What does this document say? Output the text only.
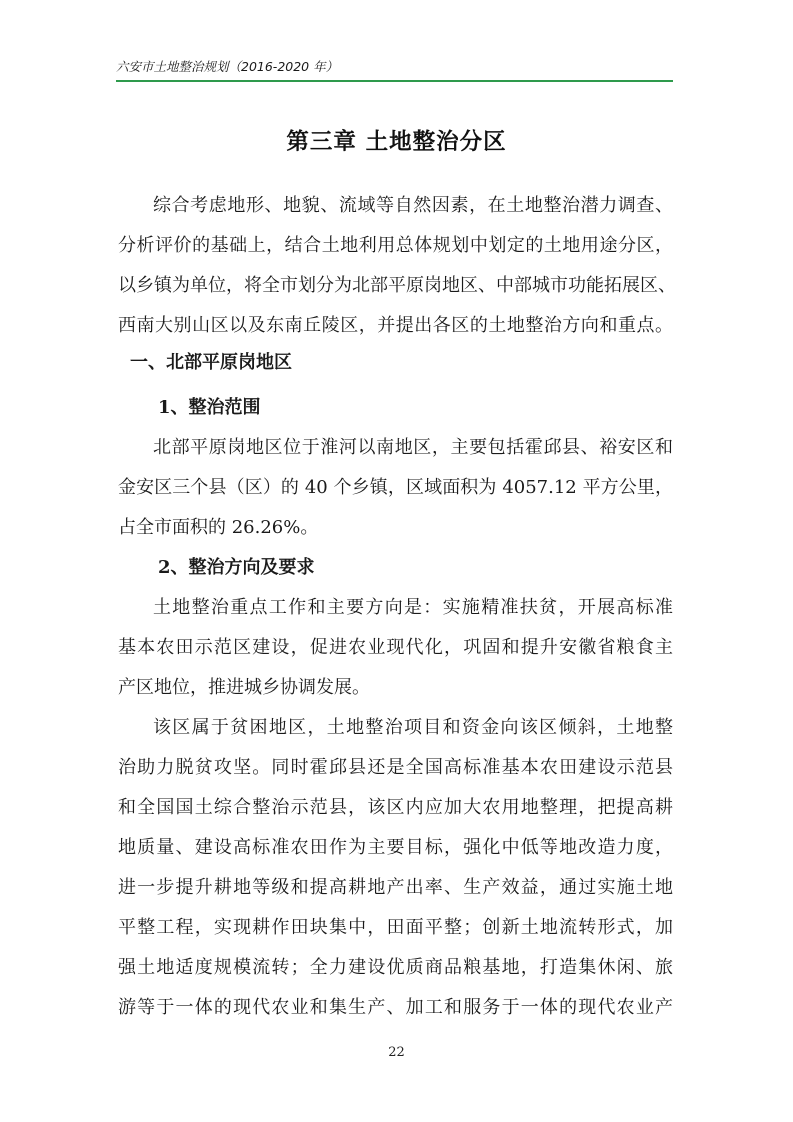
六安市土地整治规划（2016-2020 年）
第三章 土地整治分区
综合考虑地形、地貌、流域等自然因素，在土地整治潜力调查、
分析评价的基础上，结合土地利用总体规划中划定的土地用途分区，
以乡镇为单位，将全市划分为北部平原岗地区、中部城市功能拓展区、
西南大别山区以及东南丘陵区，并提出各区的土地整治方向和重点。
一、北部平原岗地区
1、整治范围
北部平原岗地区位于淮河以南地区，主要包括霍邱县、裕安区和
金安区三个县（区）的 40 个乡镇，区域面积为 4057.12 平方公里，
占全市面积的 26.26%。
2、整治方向及要求
土地整治重点工作和主要方向是：实施精准扶贫，开展高标准
基本农田示范区建设，促进农业现代化，巩固和提升安徽省粮食主
产区地位，推进城乡协调发展。
该区属于贫困地区，土地整治项目和资金向该区倾斜，土地整
治助力脱贫攻坚。同时霍邱县还是全国高标准基本农田建设示范县
和全国国土综合整治示范县，该区内应加大农用地整理，把提高耕
地质量、建设高标准农田作为主要目标，强化中低等地改造力度，
进一步提升耕地等级和提高耕地产出率、生产效益，通过实施土地
平整工程，实现耕作田块集中，田面平整；创新土地流转形式，加
强土地适度规模流转；全力建设优质商品粮基地，打造集休闲、旅
游等于一体的现代农业和集生产、加工和服务于一体的现代农业产
22
